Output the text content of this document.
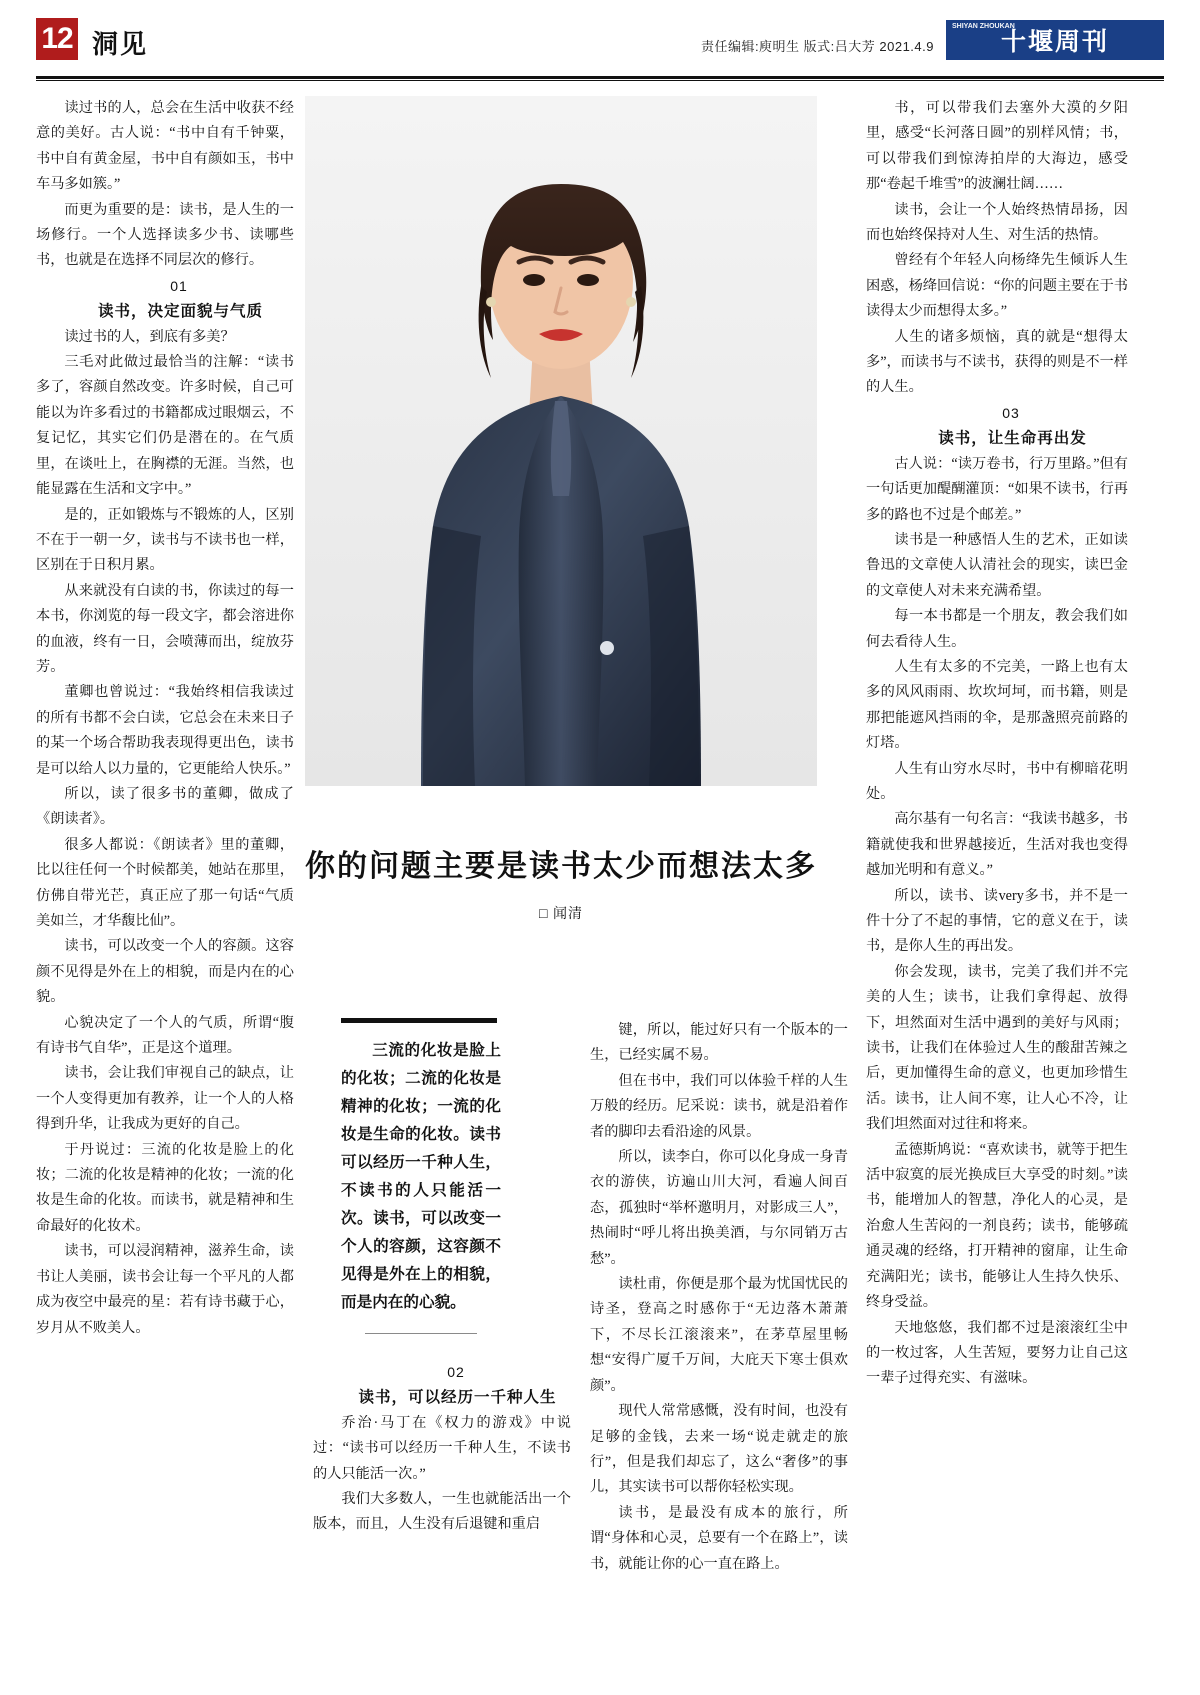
12 洞见	责任编辑:庾明生 版式:吕大芳 2021.4.9
SHIYAN ZHOUKAN
十堰周刊

读过书的人，总会在生活中收获不经意的美好。古人说：“书中自有千钟粟，书中自有黄金屋，书中自有颜如玉，书中车马多如簇。”

而更为重要的是：读书，是人生的一场修行。一个人选择读多少书、读哪些书，也就是在选择不同层次的修行。

01

读书，决定面貌与气质

读过书的人，到底有多美？

三毛对此做过最恰当的注解：“读书多了，容颜自然改变。许多时候，自己可能以为许多看过的书籍都成过眼烟云，不复记忆，其实它们仍是潜在的。在气质里，在谈吐上，在胸襟的无涯。当然，也能显露在生活和文字中。”

是的，正如锻炼与不锻炼的人，区别不在于一朝一夕，读书与不读书也一样，区别在于日积月累。

从来就没有白读的书，你读过的每一本书，你浏览的每一段文字，都会溶进你的血液，终有一日，会喷薄而出，绽放芬芳。

董卿也曾说过：“我始终相信我读过的所有书都不会白读，它总会在未来日子的某一个场合帮助我表现得更出色，读书是可以给人以力量的，它更能给人快乐。”

所以，读了很多书的董卿，做成了《朗读者》。

很多人都说：《朗读者》里的董卿，比以往任何一个时候都美，她站在那里，仿佛自带光芒，真正应了那一句话“气质美如兰，才华馥比仙”。

读书，可以改变一个人的容颜。这容颜不见得是外在上的相貌，而是内在的心貌。

心貌决定了一个人的气质，所谓“腹有诗书气自华”，正是这个道理。

读书，会让我们审视自己的缺点，让一个人变得更加有教养，让一个人的人格得到升华，让我成为更好的自己。

于丹说过：三流的化妆是脸上的化妆；二流的化妆是精神的化妆；一流的化妆是生命的化妆。而读书，就是精神和生命最好的化妆术。

读书，可以浸润精神，滋养生命，读书让人美丽，读书会让每一个平凡的人都成为夜空中最亮的星：若有诗书藏于心，岁月从不败美人。

你的问题主要是读书太少而想法太多
□ 闻清
三流的化妆是脸上的化妆；二流的化妆是精神的化妆；一流的化妆是生命的化妆。读书可以经历一千种人生，不读书的人只能活一次。读书，可以改变一个人的容颜，这容颜不见得是外在上的相貌，而是内在的心貌。

02

读书，可以经历一千种人生

乔治·马丁在《权力的游戏》中说过：“读书可以经历一千种人生，不读书的人只能活一次。”

我们大多数人，一生也就能活出一个版本，而且，人生没有后退键和重启

键，所以，能过好只有一个版本的一生，已经实属不易。

但在书中，我们可以体验千样的人生万般的经历。尼采说：读书，就是沿着作者的脚印去看沿途的风景。

所以，读李白，你可以化身成一身青衣的游侠，访遍山川大河，看遍人间百态，孤独时“举杯邀明月，对影成三人”，热闹时“呼儿将出换美酒，与尔同销万古愁”。

读杜甫，你便是那个最为忧国忧民的诗圣，登高之时感你于“无边落木萧萧下，不尽长江滚滚来”，在茅草屋里畅想“安得广厦千万间，大庇天下寒士俱欢颜”。

现代人常常感慨，没有时间，也没有足够的金钱，去来一场“说走就走的旅行”，但是我们却忘了，这么“奢侈”的事儿，其实读书可以帮你轻松实现。

读书，是最没有成本的旅行，所谓“身体和心灵，总要有一个在路上”，读书，就能让你的心一直在路上。

书，可以带我们去塞外大漠的夕阳里，感受“长河落日圆”的别样风情；书，可以带我们到惊涛拍岸的大海边，感受那“卷起千堆雪”的波澜壮阔……

读书，会让一个人始终热情昂扬，因而也始终保持对人生、对生活的热情。

曾经有个年轻人向杨绛先生倾诉人生困惑，杨绛回信说：“你的问题主要在于书读得太少而想得太多。”

人生的诸多烦恼，真的就是“想得太多”，而读书与不读书，获得的则是不一样的人生。

03

读书，让生命再出发

古人说：“读万卷书，行万里路。”但有一句话更加醍醐灌顶：“如果不读书，行再多的路也不过是个邮差。”

读书是一种感悟人生的艺术，正如读鲁迅的文章使人认清社会的现实，读巴金的文章使人对未来充满希望。

每一本书都是一个朋友，教会我们如何去看待人生。

人生有太多的不完美，一路上也有太多的风风雨雨、坎坎坷坷，而书籍，则是那把能遮风挡雨的伞，是那盏照亮前路的灯塔。

人生有山穷水尽时，书中有柳暗花明处。

高尔基有一句名言：“我读书越多，书籍就使我和世界越接近，生活对我也变得越加光明和有意义。”

所以，读书、读very多书，并不是一件十分了不起的事情，它的意义在于，读书，是你人生的再出发。

你会发现，读书，完美了我们并不完美的人生；读书，让我们拿得起、放得下，坦然面对生活中遇到的美好与风雨；读书，让我们在体验过人生的酸甜苦辣之后，更加懂得生命的意义，也更加珍惜生活。读书，让人间不寒，让人心不冷，让我们坦然面对过往和将来。

孟德斯鸠说：“喜欢读书，就等于把生活中寂寞的辰光换成巨大享受的时刻。”读书，能增加人的智慧，净化人的心灵，是治愈人生苦闷的一剂良药；读书，能够疏通灵魂的经络，打开精神的窗扉，让生命充满阳光；读书，能够让人生持久快乐、终身受益。

天地悠悠，我们都不过是滚滚红尘中的一枚过客，人生苦短，要努力让自己这一辈子过得充实、有滋味。
